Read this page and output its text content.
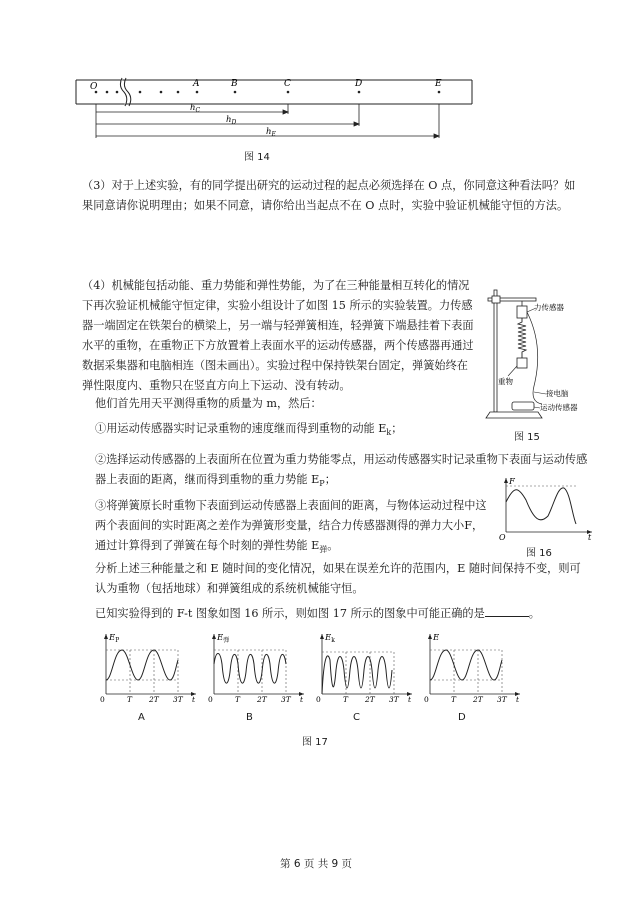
O	A	B	C	D	E
$h_C$
$h_D$
$h_E$
图 14
（3）对于上述实验，有的同学提出研究的运动过程的起点必须选择在 O 点，你同意这种看法吗？如果同意请你说明理由；如果不同意，请你给出当起点不在 O 点时，实验中验证机械能守恒的方法。
（4）机械能包括动能、重力势能和弹性势能，为了在三种能量相互转化的情况下再次验证机械能守恒定律，实验小组设计了如图 15 所示的实验装置。力传感器一端固定在铁架台的横梁上，另一端与轻弹簧相连，轻弹簧下端悬挂着下表面水平的重物，在重物正下方放置着上表面水平的运动传感器，两个传感器再通过数据采集器和电脑相连（图未画出）。实验过程中保持铁架台固定，弹簧始终在弹性限度内、重物只在竖直方向上下运动、没有转动。
他们首先用天平测得重物的质量为 m，然后：
①用运动传感器实时记录重物的速度继而得到重物的动能 $E_k$；
②选择运动传感器的上表面所在位置为重力势能零点，用运动传感器实时记录重物下表面与运动传感器上表面的距离，继而得到重物的重力势能 $E_P$；
③将弹簧原长时重物下表面到运动传感器上表面间的距离，与物体运动过程中这两个表面间的实时距离之差作为弹簧形变量，结合力传感器测得的弹力大小F，通过计算得到了弹簧在每个时刻的弹性势能 $E_弹$。
分析上述三种能量之和 E 随时间的变化情况，如果在误差允许的范围内，E 随时间保持不变，则可认为重物（包括地球）和弹簧组成的系统机械能守恒。
已知实验得到的 F-t 图象如图 16 所示，则如图 17 所示的图象中可能正确的是	。
力传感器
重物
接电脑
运动传感器
图 15
F
O	t
图 16
$E_P$
0	T 2T 3T t
$E_弹$
0	T 2T 3T t
$E_k$
0	T 2T 3T t
E
0	T 2T 3T t
A	B	C	D
图 17
第 6 页 共 9 页
